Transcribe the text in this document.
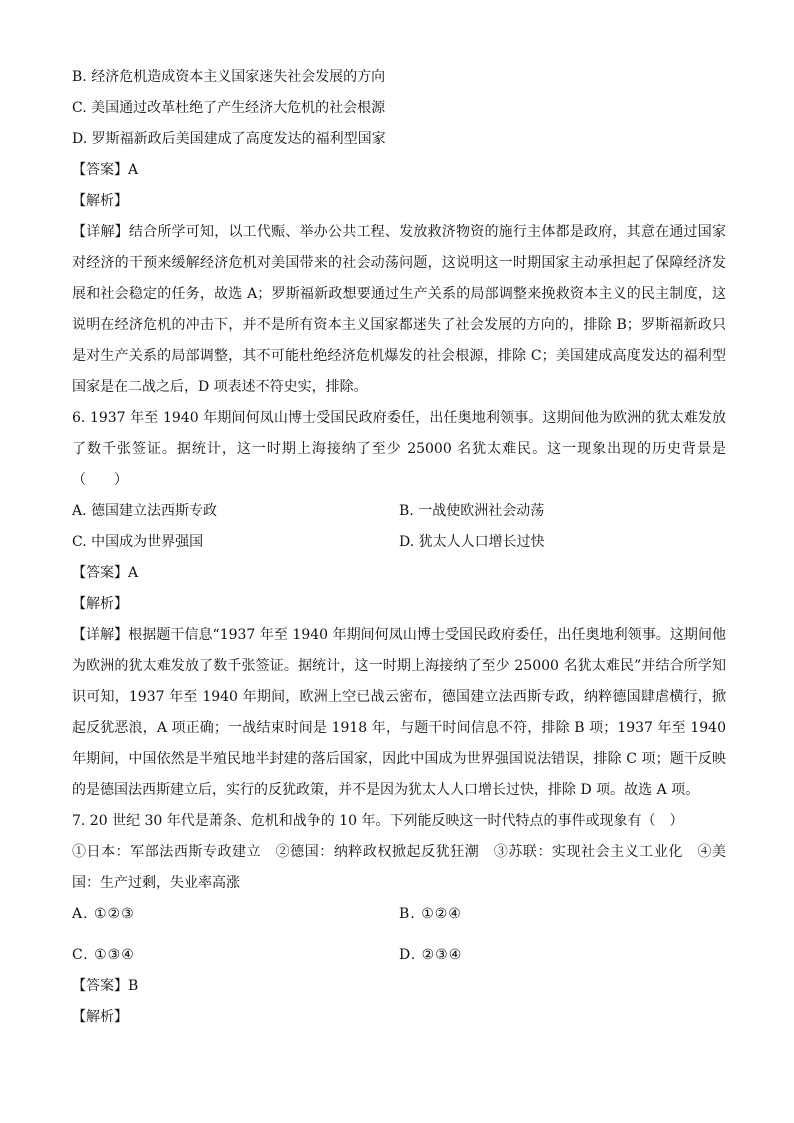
B. 经济危机造成资本主义国家迷失社会发展的方向
C. 美国通过改革杜绝了产生经济大危机的社会根源
D. 罗斯福新政后美国建成了高度发达的福利型国家
【答案】A
【解析】
【详解】结合所学可知，以工代赈、举办公共工程、发放救济物资的施行主体都是政府，其意在通过国家对经济的干预来缓解经济危机对美国带来的社会动荡问题，这说明这一时期国家主动承担起了保障经济发展和社会稳定的任务，故选 A；罗斯福新政想要通过生产关系的局部调整来挽救资本主义的民主制度，这说明在经济危机的冲击下，并不是所有资本主义国家都迷失了社会发展的方向的，排除 B；罗斯福新政只是对生产关系的局部调整，其不可能杜绝经济危机爆发的社会根源，排除 C；美国建成高度发达的福利型国家是在二战之后，D 项表述不符史实，排除。
6. 1937 年至 1940 年期间何凤山博士受国民政府委任，出任奥地利领事。这期间他为欧洲的犹太难发放了数千张签证。据统计，这一时期上海接纳了至少 25000 名犹太难民。这一现象出现的历史背景是（　　）
A. 德国建立法西斯专政	B. 一战使欧洲社会动荡
C. 中国成为世界强国	D. 犹太人人口增长过快
【答案】A
【解析】
【详解】根据题干信息“1937 年至 1940 年期间何凤山博士受国民政府委任，出任奥地利领事。这期间他为欧洲的犹太难发放了数千张签证。据统计，这一时期上海接纳了至少 25000 名犹太难民”并结合所学知识可知，1937 年至 1940 年期间，欧洲上空已战云密布，德国建立法西斯专政，纳粹德国肆虐横行，掀起反犹恶浪，A 项正确；一战结束时间是 1918 年，与题干时间信息不符，排除 B 项；1937 年至 1940 年期间，中国依然是半殖民地半封建的落后国家，因此中国成为世界强国说法错误，排除 C 项；题干反映的是德国法西斯建立后，实行的反犹政策，并不是因为犹太人人口增长过快，排除 D 项。故选 A 项。
7. 20 世纪 30 年代是萧条、危机和战争的 10 年。下列能反映这一时代特点的事件或现象有（　）
①日本：军部法西斯专政建立　②德国：纳粹政权掀起反犹狂潮　③苏联：实现社会主义工业化　④美国：生产过剩，失业率高涨
A. ①②③	B. ①②④
C. ①③④	D. ②③④
【答案】B
【解析】
